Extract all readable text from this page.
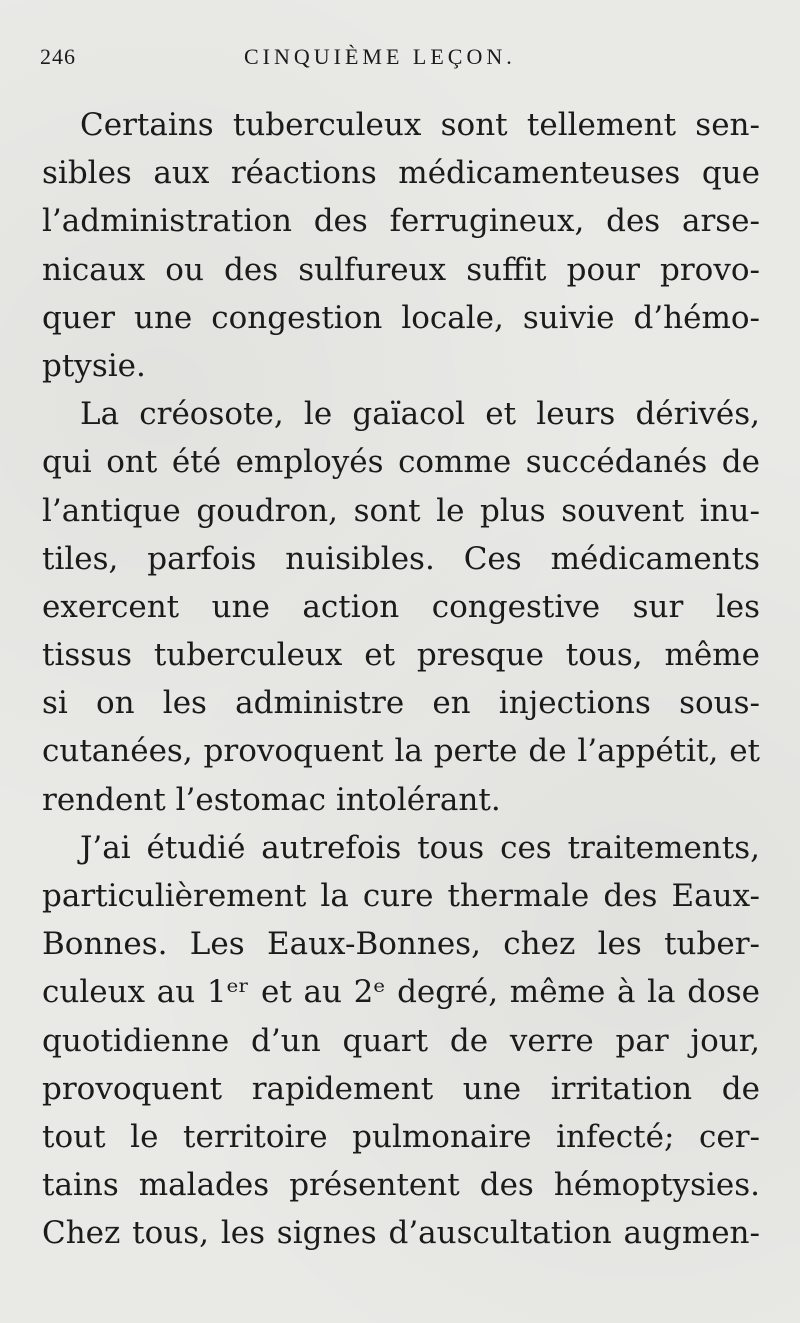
246	CINQUIÈME LEÇON.
Certains tuberculeux sont tellement sen-
sibles aux réactions médicamenteuses que
l’administration des ferrugineux, des arse-
nicaux ou des sulfureux suffit pour provo-
quer une congestion locale, suivie d’hémo-
ptysie.
La créosote, le gaïacol et leurs dérivés,
qui ont été employés comme succédanés de
l’antique goudron, sont le plus souvent inu-
tiles, parfois nuisibles. Ces médicaments
exercent une action congestive sur les
tissus tuberculeux et presque tous, même
si on les administre en injections sous-
cutanées, provoquent la perte de l’appétit, et
rendent l’estomac intolérant.
J’ai étudié autrefois tous ces traitements,
particulièrement la cure thermale des Eaux-
Bonnes. Les Eaux-Bonnes, chez les tuber-
culeux au 1ᵉʳ et au 2ᵉ degré, même à la dose
quotidienne d’un quart de verre par jour,
provoquent rapidement une irritation de
tout le territoire pulmonaire infecté; cer-
tains malades présentent des hémoptysies.
Chez tous, les signes d’auscultation augmen-
